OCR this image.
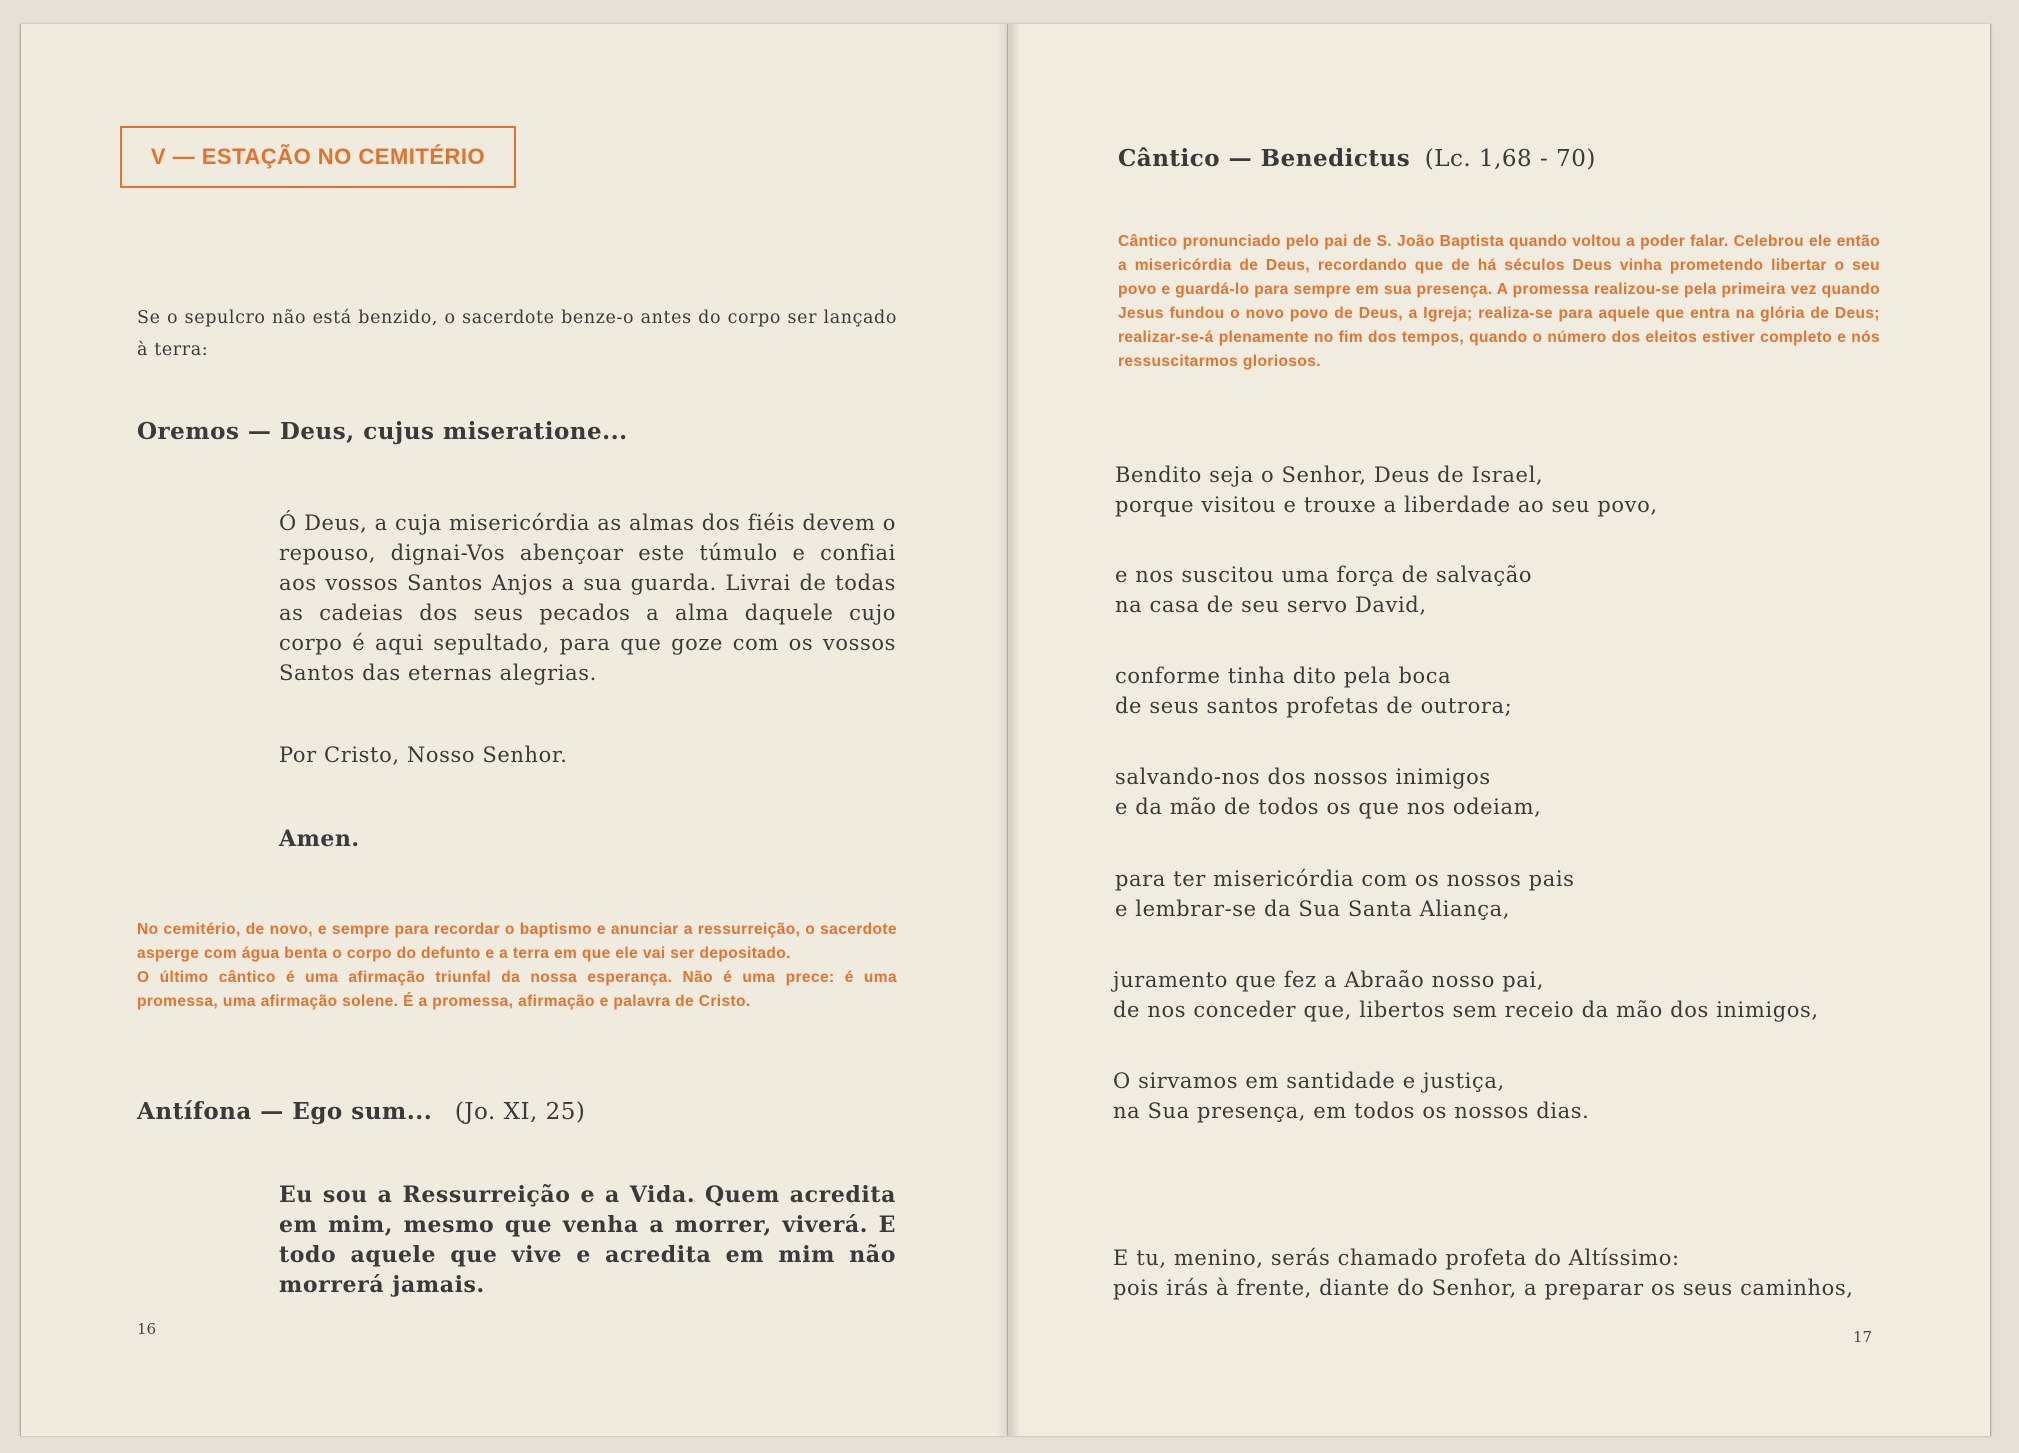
V — ESTAÇÃO NO CEMITÉRIO
Se o sepulcro não está benzido, o sacerdote benze-o antes do corpo ser lançado à terra:
Oremos — Deus, cujus miseratione...
Ó Deus, a cuja misericórdia as almas dos fiéis devem o repouso, dignai-Vos abençoar este túmulo e confiai aos vossos Santos Anjos a sua guarda. Livrai de todas as cadeias dos seus pecados a alma daquele cujo corpo é aqui sepultado, para que goze com os vossos Santos das eternas alegrias.
Por Cristo, Nosso Senhor.
Amen.
No cemitério, de novo, e sempre para recordar o baptismo e anunciar a ressurreição, o sacerdote asperge com água benta o corpo do defunto e a terra em que ele vai ser depositado.
O último cântico é uma afirmação triunfal da nossa esperança. Não é uma prece: é uma promessa, uma afirmação solene. É a promessa, afirmação e palavra de Cristo.
Antífona — Ego sum... (Jo. XI, 25)
Eu sou a Ressurreição e a Vida. Quem acredita em mim, mesmo que venha a morrer, viverá. E todo aquele que vive e acredita em mim não morrerá jamais.
16
Cântico — Benedictus (Lc. 1,68 - 70)
Cântico pronunciado pelo pai de S. João Baptista quando voltou a poder falar. Celebrou ele então a misericórdia de Deus, recordando que de há séculos Deus vinha prometendo libertar o seu povo e guardá-lo para sempre em sua presença. A promessa realizou-se pela primeira vez quando Jesus fundou o novo povo de Deus, a Igreja; realiza-se para aquele que entra na glória de Deus; realizar-se-á plenamente no fim dos tempos, quando o número dos eleitos estiver completo e nós ressuscitarmos gloriosos.
Bendito seja o Senhor, Deus de Israel,
porque visitou e trouxe a liberdade ao seu povo,
e nos suscitou uma força de salvação
na casa de seu servo David,
conforme tinha dito pela boca
de seus santos profetas de outrora;
salvando-nos dos nossos inimigos
e da mão de todos os que nos odeiam,
para ter misericórdia com os nossos pais
e lembrar-se da Sua Santa Aliança,
juramento que fez a Abraão nosso pai,
de nos conceder que, libertos sem receio da mão dos inimigos,
O sirvamos em santidade e justiça,
na Sua presença, em todos os nossos dias.
E tu, menino, serás chamado profeta do Altíssimo:
pois irás à frente, diante do Senhor, a preparar os seus caminhos,
17
